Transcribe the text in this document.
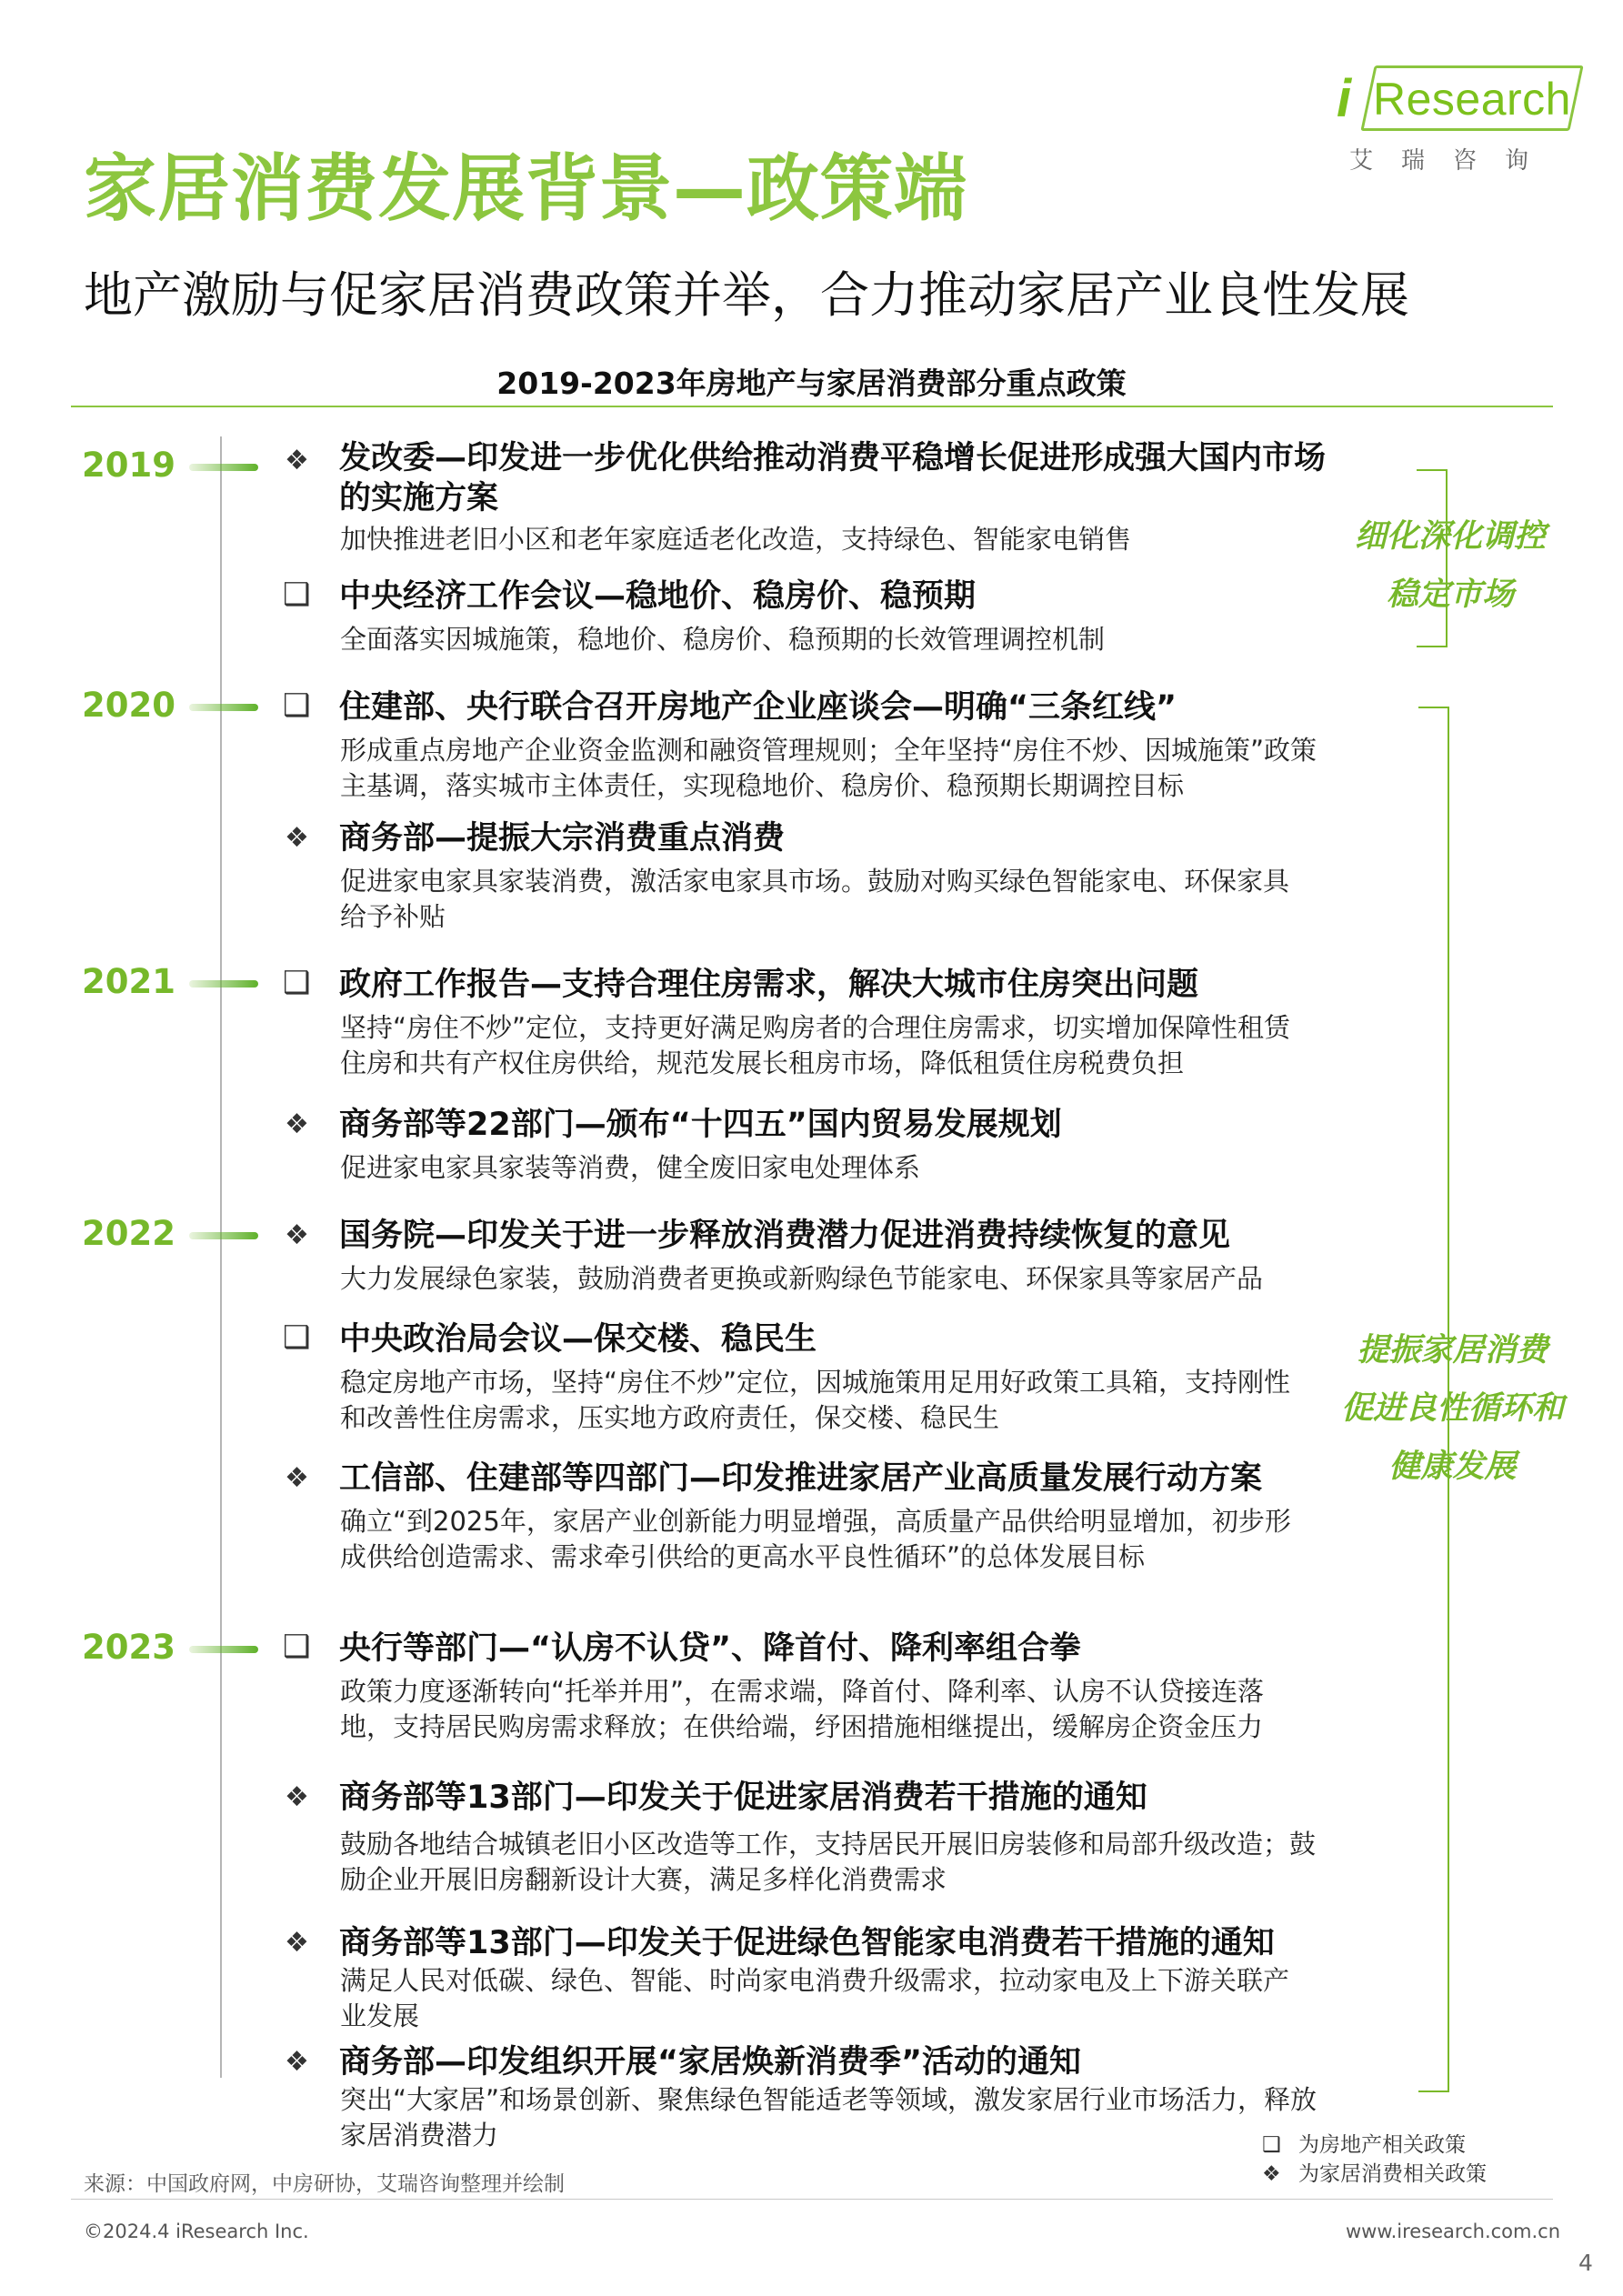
i Research
艾瑞咨询
家居消费发展背景—政策端
地产激励与促家居消费政策并举，合力推动家居产业良性发展
2019-2023年房地产与家居消费部分重点政策
2019
2020
2021
2022
2023
❖ 发改委—印发进一步优化供给推动消费平稳增长促进形成强大国内市场的实施方案
加快推进老旧小区和老年家庭适老化改造，支持绿色、智能家电销售
❑ 中央经济工作会议—稳地价、稳房价、稳预期
全面落实因城施策，稳地价、稳房价、稳预期的长效管理调控机制
❑ 住建部、央行联合召开房地产企业座谈会—明确“三条红线”
形成重点房地产企业资金监测和融资管理规则；全年坚持“房住不炒、因城施策”政策主基调，落实城市主体责任，实现稳地价、稳房价、稳预期长期调控目标
❖ 商务部—提振大宗消费重点消费
促进家电家具家装消费，激活家电家具市场。鼓励对购买绿色智能家电、环保家具给予补贴
❑ 政府工作报告—支持合理住房需求，解决大城市住房突出问题
坚持“房住不炒”定位，支持更好满足购房者的合理住房需求，切实增加保障性租赁住房和共有产权住房供给，规范发展长租房市场，降低租赁住房税费负担
❖ 商务部等22部门—颁布“十四五”国内贸易发展规划
促进家电家具家装等消费，健全废旧家电处理体系
❖ 国务院—印发关于进一步释放消费潜力促进消费持续恢复的意见
大力发展绿色家装，鼓励消费者更换或新购绿色节能家电、环保家具等家居产品
❑ 中央政治局会议—保交楼、稳民生
稳定房地产市场，坚持“房住不炒”定位，因城施策用足用好政策工具箱，支持刚性和改善性住房需求，压实地方政府责任，保交楼、稳民生
❖ 工信部、住建部等四部门—印发推进家居产业高质量发展行动方案
确立“到2025年，家居产业创新能力明显增强，高质量产品供给明显增加，初步形成供给创造需求、需求牵引供给的更高水平良性循环”的总体发展目标
❑ 央行等部门—“认房不认贷”、降首付、降利率组合拳
政策力度逐渐转向“托举并用”，在需求端，降首付、降利率、认房不认贷接连落地，支持居民购房需求释放；在供给端，纾困措施相继提出，缓解房企资金压力
❖ 商务部等13部门—印发关于促进家居消费若干措施的通知
鼓励各地结合城镇老旧小区改造等工作，支持居民开展旧房装修和局部升级改造；鼓励企业开展旧房翻新设计大赛，满足多样化消费需求
❖ 商务部等13部门—印发关于促进绿色智能家电消费若干措施的通知
满足人民对低碳、绿色、智能、时尚家电消费升级需求，拉动家电及上下游关联产业发展
❖ 商务部—印发组织开展“家居焕新消费季”活动的通知
突出“大家居”和场景创新、聚焦绿色智能适老等领域，激发家居行业市场活力，释放家居消费潜力
细化深化调控
稳定市场
提振家居消费
促进良性循环和
健康发展
❑ 为房地产相关政策
❖ 为家居消费相关政策
来源：中国政府网，中房研协，艾瑞咨询整理并绘制
©2024.4 iResearch Inc.	www.iresearch.com.cn
4
